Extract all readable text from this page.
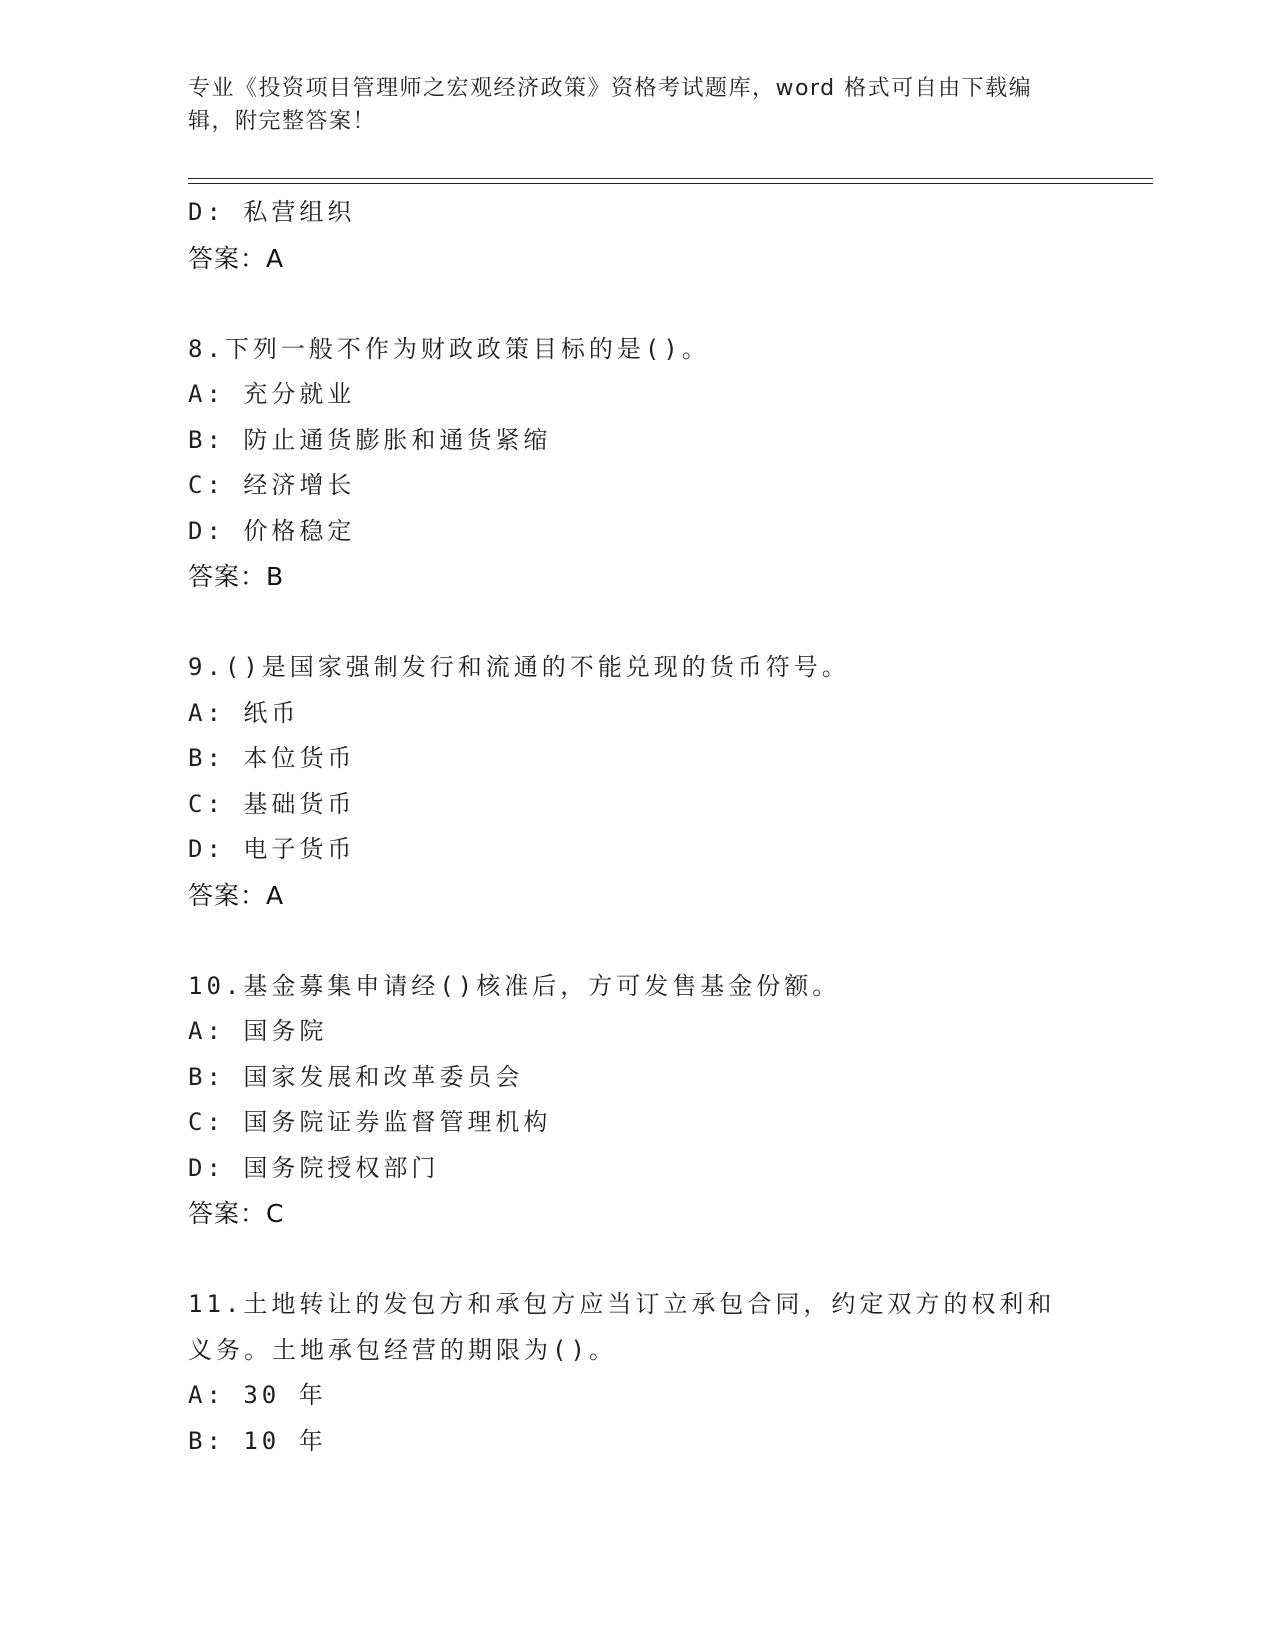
专业《投资项目管理师之宏观经济政策》资格考试题库，word 格式可自由下载编
辑，附完整答案！
D: 私营组织
答案：A
8.下列一般不作为财政政策目标的是()。
A: 充分就业
B: 防止通货膨胀和通货紧缩
C: 经济增长
D: 价格稳定
答案：B
9.()是国家强制发行和流通的不能兑现的货币符号。
A: 纸币
B: 本位货币
C: 基础货币
D: 电子货币
答案：A
10.基金募集申请经()核准后，方可发售基金份额。
A: 国务院
B: 国家发展和改革委员会
C: 国务院证券监督管理机构
D: 国务院授权部门
答案：C
11.土地转让的发包方和承包方应当订立承包合同，约定双方的权利和
义务。土地承包经营的期限为()。
A: 30 年
B: 10 年
